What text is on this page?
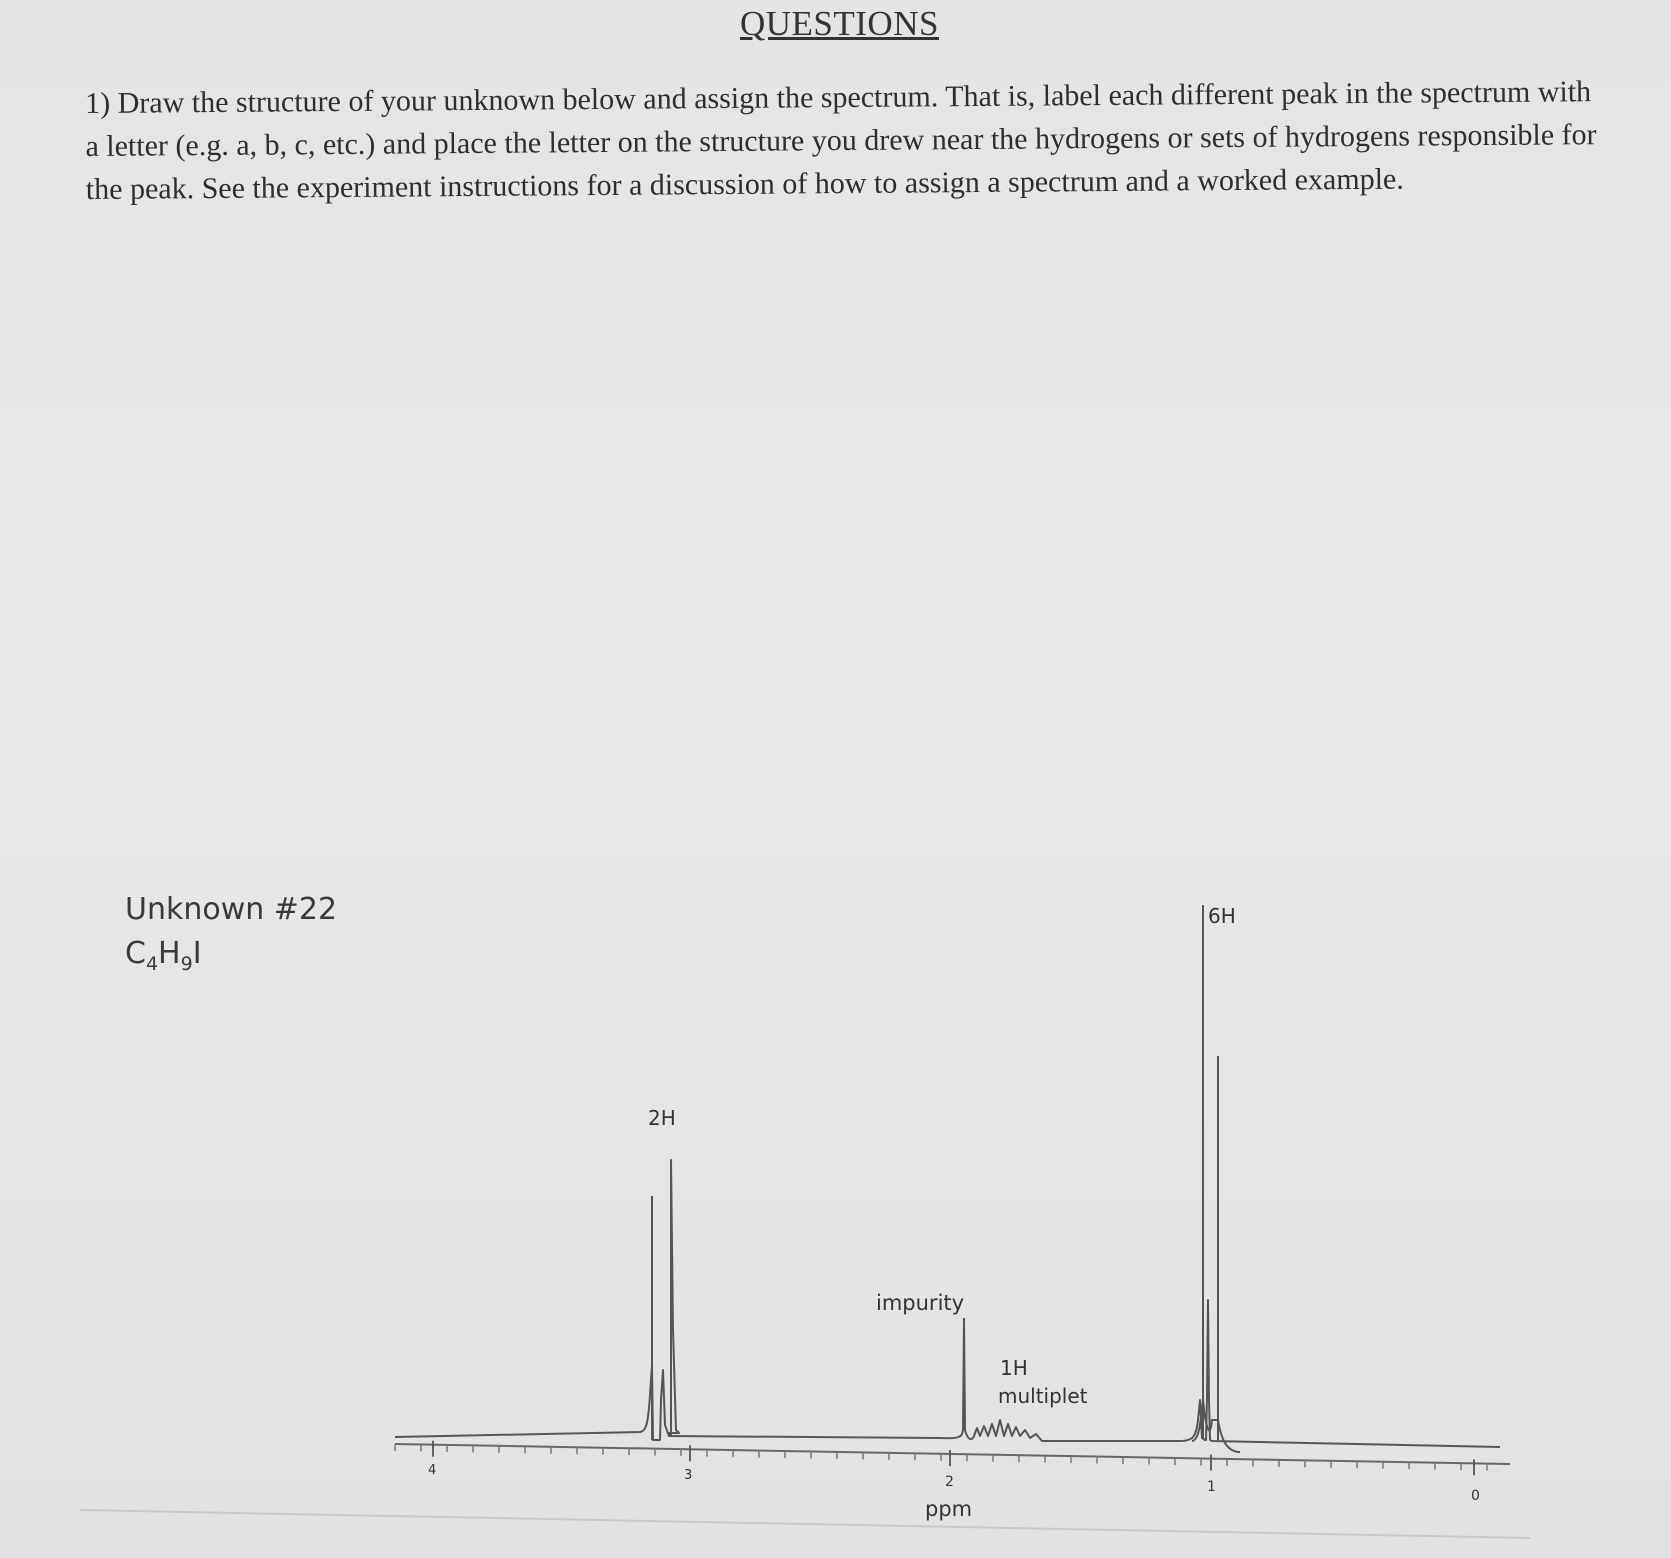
QUESTIONS
1) Draw the structure of your unknown below and assign the spectrum. That is, label each different peak in the spectrum with a letter (e.g. a, b, c, etc.) and place the letter on the structure you drew near the hydrogens or sets of hydrogens responsible for the peak. See the experiment instructions for a discussion of how to assign a spectrum and a worked example.
Unknown #22
$C_4H_9I$
4	3	2	1
0
ppm
2H
impurity
1H
multiplet
6H
